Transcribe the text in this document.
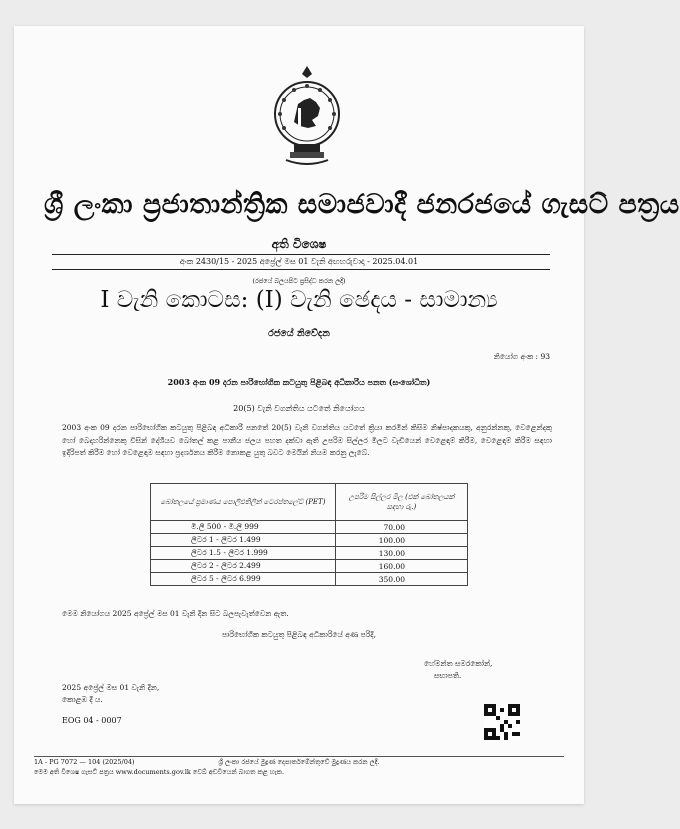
ශ්‍රී ලංකා ප්‍රජාතාන්ත්‍රික සමාජවාදී ජනරජයේ ගැසට් පත්‍රය
අති විශෙෂ
අංක 2430/15 - 2025 අප්‍රේල් මස 01 වැනි අඟහරුවාදා - 2025.04.01
(රජයේ බලයපිට ප්‍රසිද්ධ කරන ලදී)
I වැනි කොටස: (I) වැනි ඡෙදය - සාමාන්‍ය
රජයේ නිවේදන
නියෝග අංක : 93
2003 අංක 09 දරන පාරිභෝගික කටයුතු පිළිබඳ අධිකාරිය පනත (සංශෝධිත)
20(5) වැනි වගන්තිය යටතේ නියෝගය
2003 අංක 09 දරන පාරිභෝගික කටයුතු පිළිබඳ අධිකාරී පනතේ 20(5) වැනි වගන්තිය යටතේ ක්‍රියා කරමින් කිසිම නිෂ්පාදකයකු, අනුරන්නකු, වෙළෙන්දකු හෝ බෙදාහරින්නෙකු විසින් දේශීයව බෝතල් කළ පානීය ජලය පහත දක්වා ඇති උපරිම සිල්ලර මිලට වැඩියෙන් වෙළෙඳාම් කිරීම, වෙළෙඳාම් කිරීම සඳහා ඉදිරිපත් කිරීම හෝ වෙළෙඳාම සඳහා ප්‍රදර්ශනය කිරීම නොකළ යුතු බවට මෙයින් නියම කරනු ලැබේ.
බෝතලයේ ප්‍රමාණය පොලිඑතිලින් ටෙරප්තලේට් (PET)	උපරිම සිල්ලර මිල (එක් බෝතලයක් සඳහා රු.)
මි.ලී 500 - මි.ලී 999	70.00
ලීටර 1 - ලීටර 1.499	100.00
ලීටර 1.5 - ලීටර 1.999	130.00
ලීටර 2 - ලීටර 2.499	160.00
ලීටර 5 - ලීටර 6.999	350.00
මෙම නියෝගය 2025 අප්‍රේල් මස 01 වැනි දින සිට බලපැවැත්වෙන ඇත.
පාරිභෝගික කටයුතු පිළිබඳ අධිකාරියේ අණ පරිදි,
හේමන්ත සමරකෝන්,
සභාපති.
2025 අප්‍රේල් මස 01 වැනි දින,
කොළඹ දී ය.
EOG 04 - 0007
1A - PG 7072 — 104 (2025/04)	ශ්‍රී ලංකා රජයේ මුද්‍රණ දෙපාර්තමේන්තුවේ මුද්‍රණය කරන ලදී.
මෙම අති විශෙෂ ගැසට් පත්‍රය www.documents.gov.lk වෙබ් අඩවියෙන් බාගත කළ හැක.
